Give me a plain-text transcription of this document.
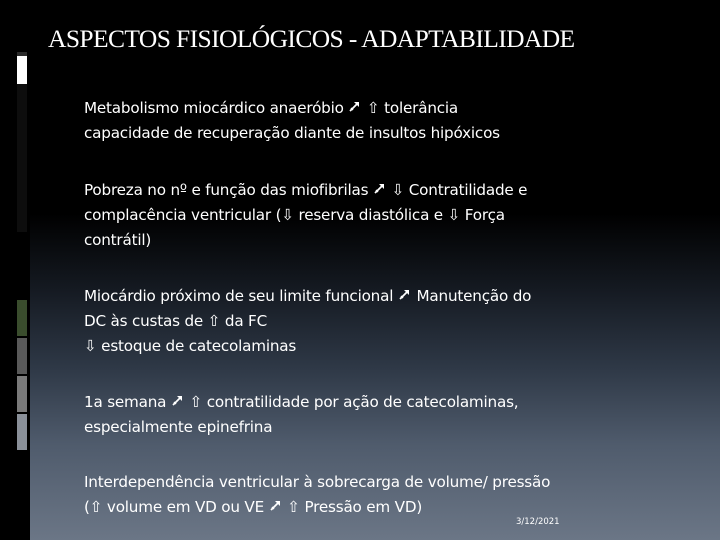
ASPECTOS FISIOLÓGICOS - ADAPTABILIDADE
Metabolismo miocárdico anaeróbio ⇧ tolerância
capacidade de recuperação diante de insultos hipóxicos
Pobreza no nº e função das miofibrilas ⇩ Contratilidade e
complacência ventricular (⇩ reserva diastólica e ⇩ Força
contrátil)
Miocárdio próximo de seu limite funcional Manutenção do
DC às custas de ⇧ da FC
⇩ estoque de catecolaminas
1a semana ⇧ contratilidade por ação de catecolaminas,
especialmente epinefrina
Interdependência ventricular à sobrecarga de volume/ pressão
(⇧ volume em VD ou VE ⇧ Pressão em VD)
3/12/2021
